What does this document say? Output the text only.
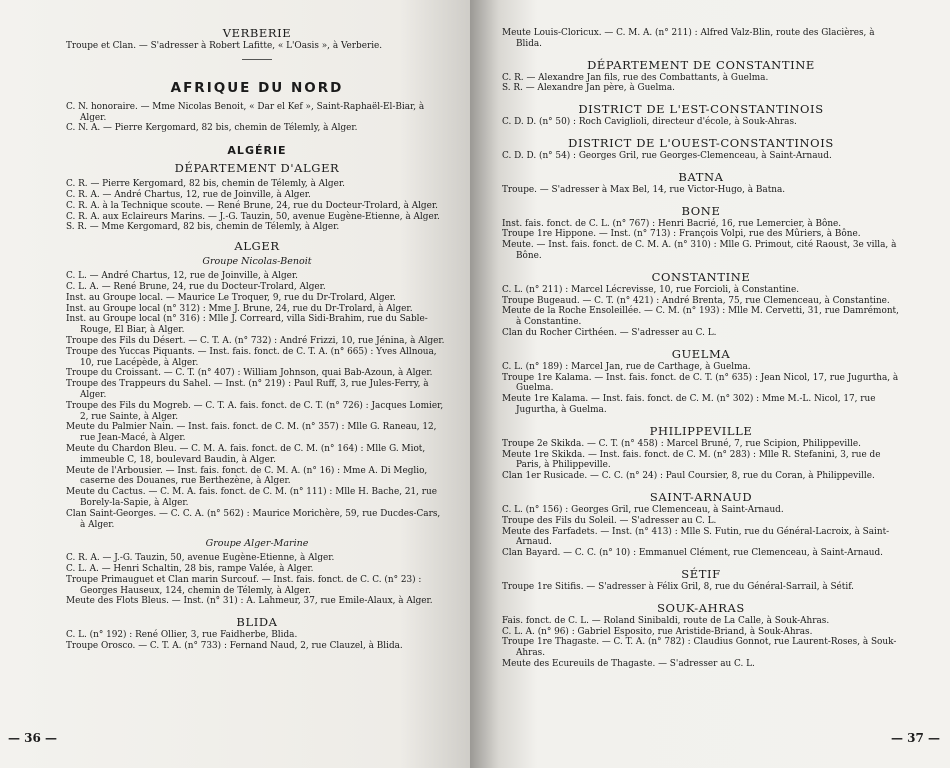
VERBERIE

Troupe et Clan. — S'adresser à Robert Lafitte, « L'Oasis », à Verberie.

AFRIQUE DU NORD

C. N. honoraire. — Mme Nicolas Benoit, « Dar el Kef », Saint-Raphaël-El-Biar, à Alger.

C. N. A. — Pierre Kergomard, 82 bis, chemin de Télemly, à Alger.

ALGÉRIE

DÉPARTEMENT D'ALGER

C. R. — Pierre Kergomard, 82 bis, chemin de Télemly, à Alger.

C. R. A. — André Chartus, 12, rue de Joinville, à Alger.

C. R. A. à la Technique scoute. — René Brune, 24, rue du Docteur-Trolard, à Alger.

C. R. A. aux Eclaireurs Marins. — J.-G. Tauzin, 50, avenue Eugène-Etienne, à Alger.

S. R. — Mme Kergomard, 82 bis, chemin de Télemly, à Alger.

ALGER

Groupe Nicolas-Benoit

C. L. — André Chartus, 12, rue de Joinville, à Alger.

C. L. A. — René Brune, 24, rue du Docteur-Trolard, Alger.

Inst. au Groupe local. — Maurice Le Troquer, 9, rue du Dr-Trolard, Alger.

Inst. au Groupe local (n° 312) : Mme J. Brune, 24, rue du Dr-Trolard, à Alger.

Inst. au Groupe local (n° 316) : Mlle J. Correard, villa Sidi-Brahim, rue du Sable-Rouge, El Biar, à Alger.

Troupe des Fils du Désert. — C. T. A. (n° 732) : André Frizzi, 10, rue Jénina, à Alger.

Troupe des Yuccas Piquants. — Inst. fais. fonct. de C. T. A. (n° 665) : Yves Allnoua, 10, rue Lacépède, à Alger.

Troupe du Croissant. — C. T. (n° 407) : William Johnson, quai Bab-Azoun, à Alger.

Troupe des Trappeurs du Sahel. — Inst. (n° 219) : Paul Ruff, 3, rue Jules-Ferry, à Alger.

Troupe des Fils du Mogreb. — C. T. A. fais. fonct. de C. T. (n° 726) : Jacques Lomier, 2, rue Sainte, à Alger.

Meute du Palmier Nain. — Inst. fais. fonct. de C. M. (n° 357) : Mlle G. Raneau, 12, rue Jean-Macé, à Alger.

Meute du Chardon Bleu. — C. M. A. fais. fonct. de C. M. (n° 164) : Mlle G. Miot, immeuble C, 18, boulevard Baudin, à Alger.

Meute de l'Arbousier. — Inst. fais. fonct. de C. M. A. (n° 16) : Mme A. Di Meglio, caserne des Douanes, rue Berthezène, à Alger.

Meute du Cactus. — C. M. A. fais. fonct. de C. M. (n° 111) : Mlle H. Bache, 21, rue Borely-la-Sapie, à Alger.

Clan Saint-Georges. — C. C. A. (n° 562) : Maurice Morichère, 59, rue Ducdes-Cars, à Alger.

Groupe Alger-Marine

C. R. A. — J.-G. Tauzin, 50, avenue Eugène-Etienne, à Alger.

C. L. A. — Henri Schaltin, 28 bis, rampe Valée, à Alger.

Troupe Primauguet et Clan marin Surcouf. — Inst. fais. fonct. de C. C. (n° 23) : Georges Hauseux, 124, chemin de Télemly, à Alger.

Meute des Flots Bleus. — Inst. (n° 31) : A. Lahmeur, 37, rue Emile-Alaux, à Alger.

BLIDA

C. L. (n° 192) : René Ollier, 3, rue Faidherbe, Blida.

Troupe Orosco. — C. T. A. (n° 733) : Fernand Naud, 2, rue Clauzel, à Blida.

— 36 —

Meute Louis-Cloricux. — C. M. A. (n° 211) : Alfred Valz-Blin, route des Glacières, à Blida.

DÉPARTEMENT DE CONSTANTINE

C. R. — Alexandre Jan fils, rue des Combattants, à Guelma.

S. R. — Alexandre Jan père, à Guelma.

DISTRICT DE L'EST-CONSTANTINOIS

C. D. D. (n° 50) : Roch Caviglioli, directeur d'école, à Souk-Ahras.

DISTRICT DE L'OUEST-CONSTANTINOIS

C. D. D. (n° 54) : Georges Gril, rue Georges-Clemenceau, à Saint-Arnaud.

BATNA

Troupe. — S'adresser à Max Bel, 14, rue Victor-Hugo, à Batna.

BONE

Inst. fais. fonct. de C. L. (n° 767) : Henri Bacrié, 16, rue Lemercier, à Bône.

Troupe 1re Hippone. — Inst. (n° 713) : François Volpi, rue des Mûriers, à Bône.

Meute. — Inst. fais. fonct. de C. M. A. (n° 310) : Mlle G. Primout, cité Raoust, 3e villa, à Bône.

CONSTANTINE

C. L. (n° 211) : Marcel Lécrevisse, 10, rue Forcioli, à Constantine.

Troupe Bugeaud. — C. T. (n° 421) : André Brenta, 75, rue Clemenceau, à Constantine.

Meute de la Roche Ensoleillée. — C. M. (n° 193) : Mlle M. Cervetti, 31, rue Damrémont, à Constantine.

Clan du Rocher Cirthéen. — S'adresser au C. L.

GUELMA

C. L. (n° 189) : Marcel Jan, rue de Carthage, à Guelma.

Troupe 1re Kalama. — Inst. fais. fonct. de C. T. (n° 635) : Jean Nicol, 17, rue Jugurtha, à Guelma.

Meute 1re Kalama. — Inst. fais. fonct. de C. M. (n° 302) : Mme M.-L. Nicol, 17, rue Jugurtha, à Guelma.

PHILIPPEVILLE

Troupe 2e Skikda. — C. T. (n° 458) : Marcel Bruné, 7, rue Scipion, Philippeville.

Meute 1re Skikda. — Inst. fais. fonct. de C. M. (n° 283) : Mlle R. Stefanini, 3, rue de Paris, à Philippeville.

Clan 1er Rusicade. — C. C. (n° 24) : Paul Coursier, 8, rue du Coran, à Philippeville.

SAINT-ARNAUD

C. L. (n° 156) : Georges Gril, rue Clemenceau, à Saint-Arnaud.

Troupe des Fils du Soleil. — S'adresser au C. L.

Meute des Farfadets. — Inst. (n° 413) : Mlle S. Futin, rue du Général-Lacroix, à Saint-Arnaud.

Clan Bayard. — C. C. (n° 10) : Emmanuel Clément, rue Clemenceau, à Saint-Arnaud.

SÉTIF

Troupe 1re Sitifis. — S'adresser à Félix Gril, 8, rue du Général-Sarrail, à Sétif.

SOUK-AHRAS

Fais. fonct. de C. L. — Roland Sinibaldi, route de La Calle, à Souk-Ahras.

C. L. A. (n° 96) : Gabriel Esposito, rue Aristide-Briand, à Souk-Ahras.

Troupe 1re Thagaste. — C. T. A. (n° 782) : Claudius Gonnot, rue Laurent-Roses, à Souk-Ahras.

Meute des Ecureuils de Thagaste. — S'adresser au C. L.

— 37 —
